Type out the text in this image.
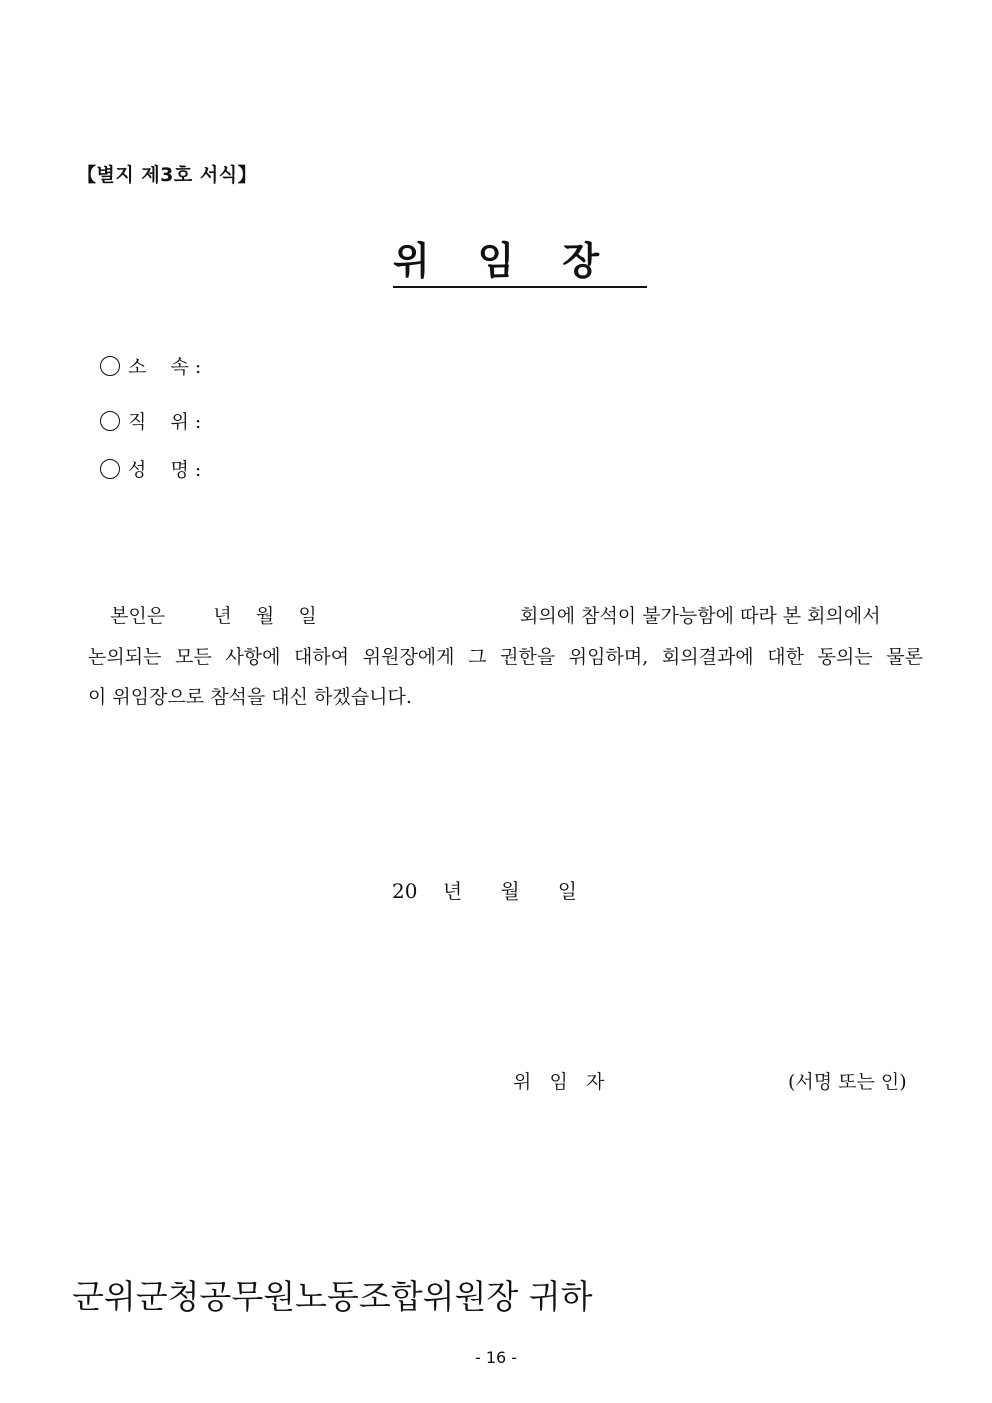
【별지 제3호 서식】
위임장
소    속 :
직    위 :
성    명 :
본인은        년    월    일	회의에 참석이 불가능함에 따라 본 회의에서
논의되는 모든 사항에 대하여 위원장에게 그 권한을 위임하며, 회의결과에 대한 동의는 물론
이 위임장으로 참석을 대신 하겠습니다.
20    년      월      일
위   임   자	(서명 또는 인)
군위군청공무원노동조합위원장 귀하
- 16 -
